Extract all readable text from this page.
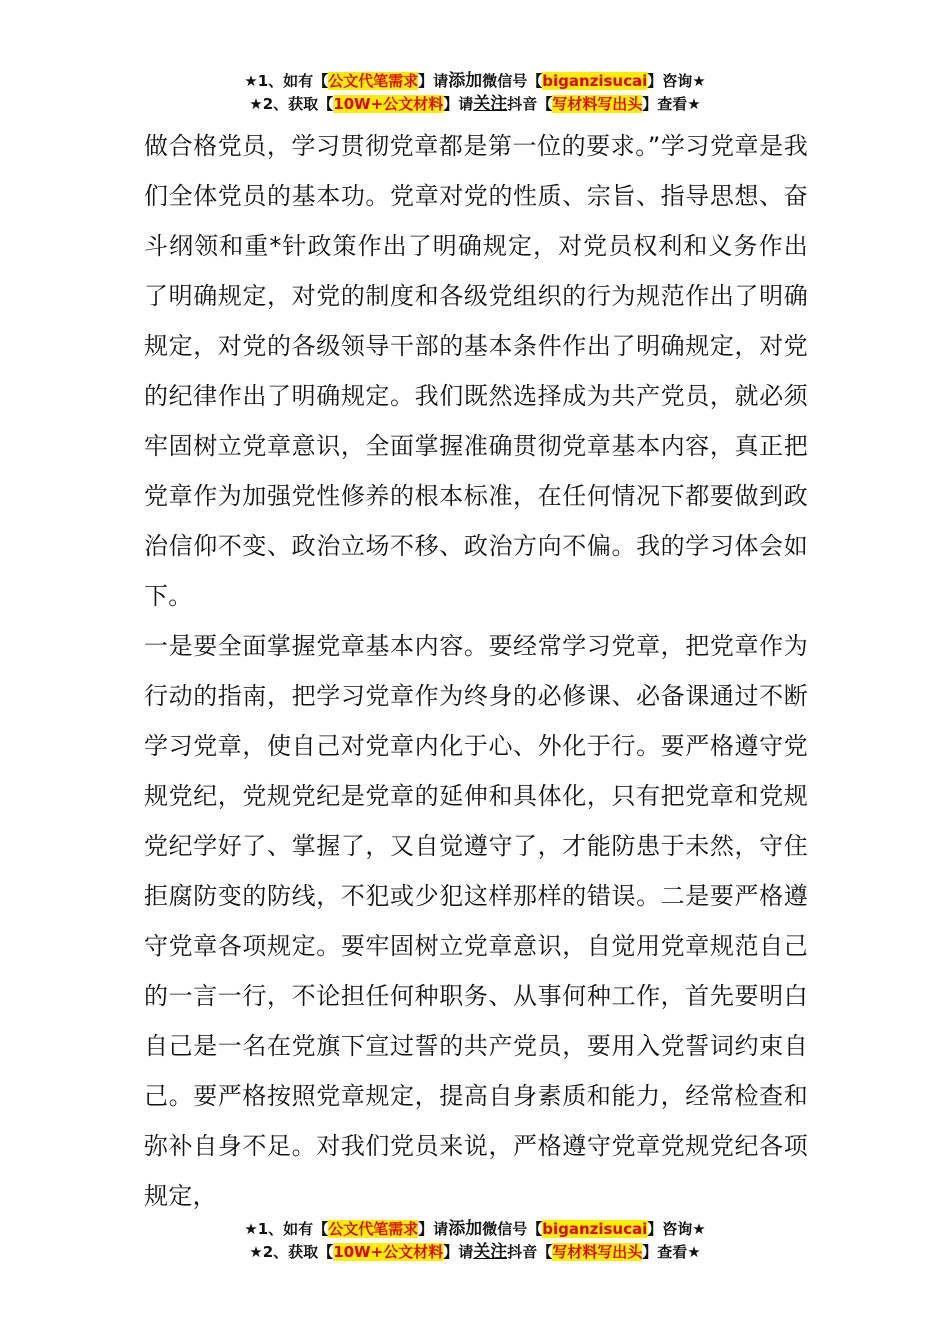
★1、如有【公文代笔需求】请添加微信号【biganzisucai】咨询★
★2、获取【10W+公文材料】请关注抖音【写材料写出头】查看★

做合格党员，学习贯彻党章都是第一位的要求。”学习党章是我们全体党员的基本功。党章对党的性质、宗旨、指导思想、奋斗纲领和重*针政策作出了明确规定，对党员权利和义务作出了明确规定，对党的制度和各级党组织的行为规范作出了明确规定，对党的各级领导干部的基本条件作出了明确规定，对党的纪律作出了明确规定。我们既然选择成为共产党员，就必须牢固树立党章意识，全面掌握准确贯彻党章基本内容，真正把党章作为加强党性修养的根本标准，在任何情况下都要做到政治信仰不变、政治立场不移、政治方向不偏。我的学习体会如下。

一是要全面掌握党章基本内容。要经常学习党章，把党章作为行动的指南，把学习党章作为终身的必修课、必备课通过不断学习党章，使自己对党章内化于心、外化于行。要严格遵守党规党纪，党规党纪是党章的延伸和具体化，只有把党章和党规党纪学好了、掌握了，又自觉遵守了，才能防患于未然，守住拒腐防变的防线，不犯或少犯这样那样的错误。二是要严格遵守党章各项规定。要牢固树立党章意识，自觉用党章规范自己的一言一行，不论担任何种职务、从事何种工作，首先要明白自己是一名在党旗下宣过誓的共产党员，要用入党誓词约束自己。要严格按照党章规定，提高自身素质和能力，经常检查和弥补自身不足。对我们党员来说，严格遵守党章党规党纪各项规定，

★1、如有【公文代笔需求】请添加微信号【biganzisucai】咨询★
★2、获取【10W+公文材料】请关注抖音【写材料写出头】查看★
